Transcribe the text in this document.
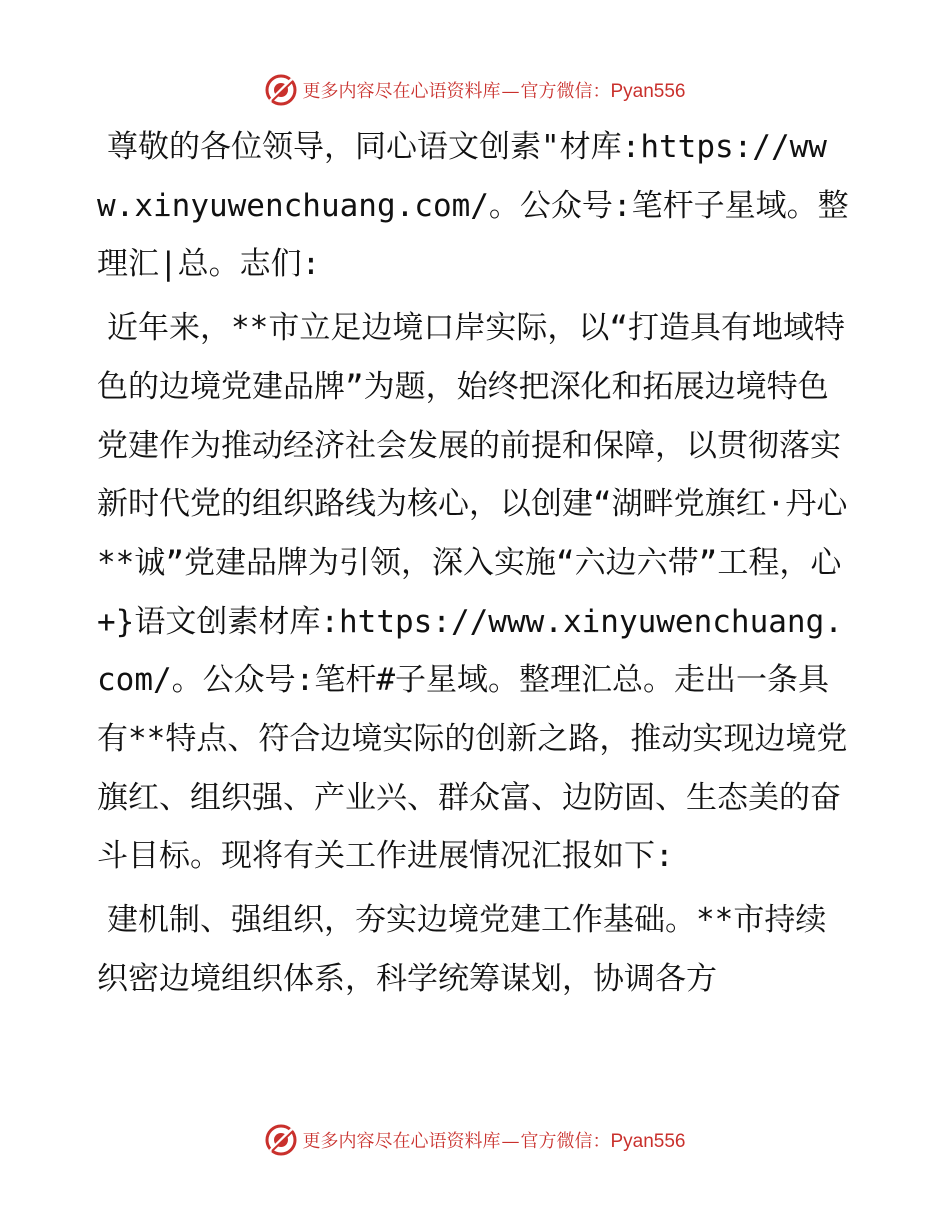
更多内容尽在心语资料库—官方微信：Pyan556

尊敬的各位领导，同心语文创素"材库:https://www.xinyuwenchuang.com/。公众号:笔杆子星域。整理汇|总。志们:

近年来，**市立足边境口岸实际，以“打造具有地域特色的边境党建品牌”为题，始终把深化和拓展边境特色党建作为推动经济社会发展的前提和保障，以贯彻落实新时代党的组织路线为核心，以创建“湖畔党旗红·丹心**诚”党建品牌为引领，深入实施“六边六带”工程，心+}语文创素材库:https://www.xinyuwenchuang.com/。公众号:笔杆#子星域。整理汇总。走出一条具有**特点、符合边境实际的创新之路，推动实现边境党旗红、组织强、产业兴、群众富、边防固、生态美的奋斗目标。现将有关工作进展情况汇报如下:

建机制、强组织，夯实边境党建工作基础。**市持续织密边境组织体系，科学统筹谋划，协调各方

更多内容尽在心语资料库—官方微信：Pyan556
